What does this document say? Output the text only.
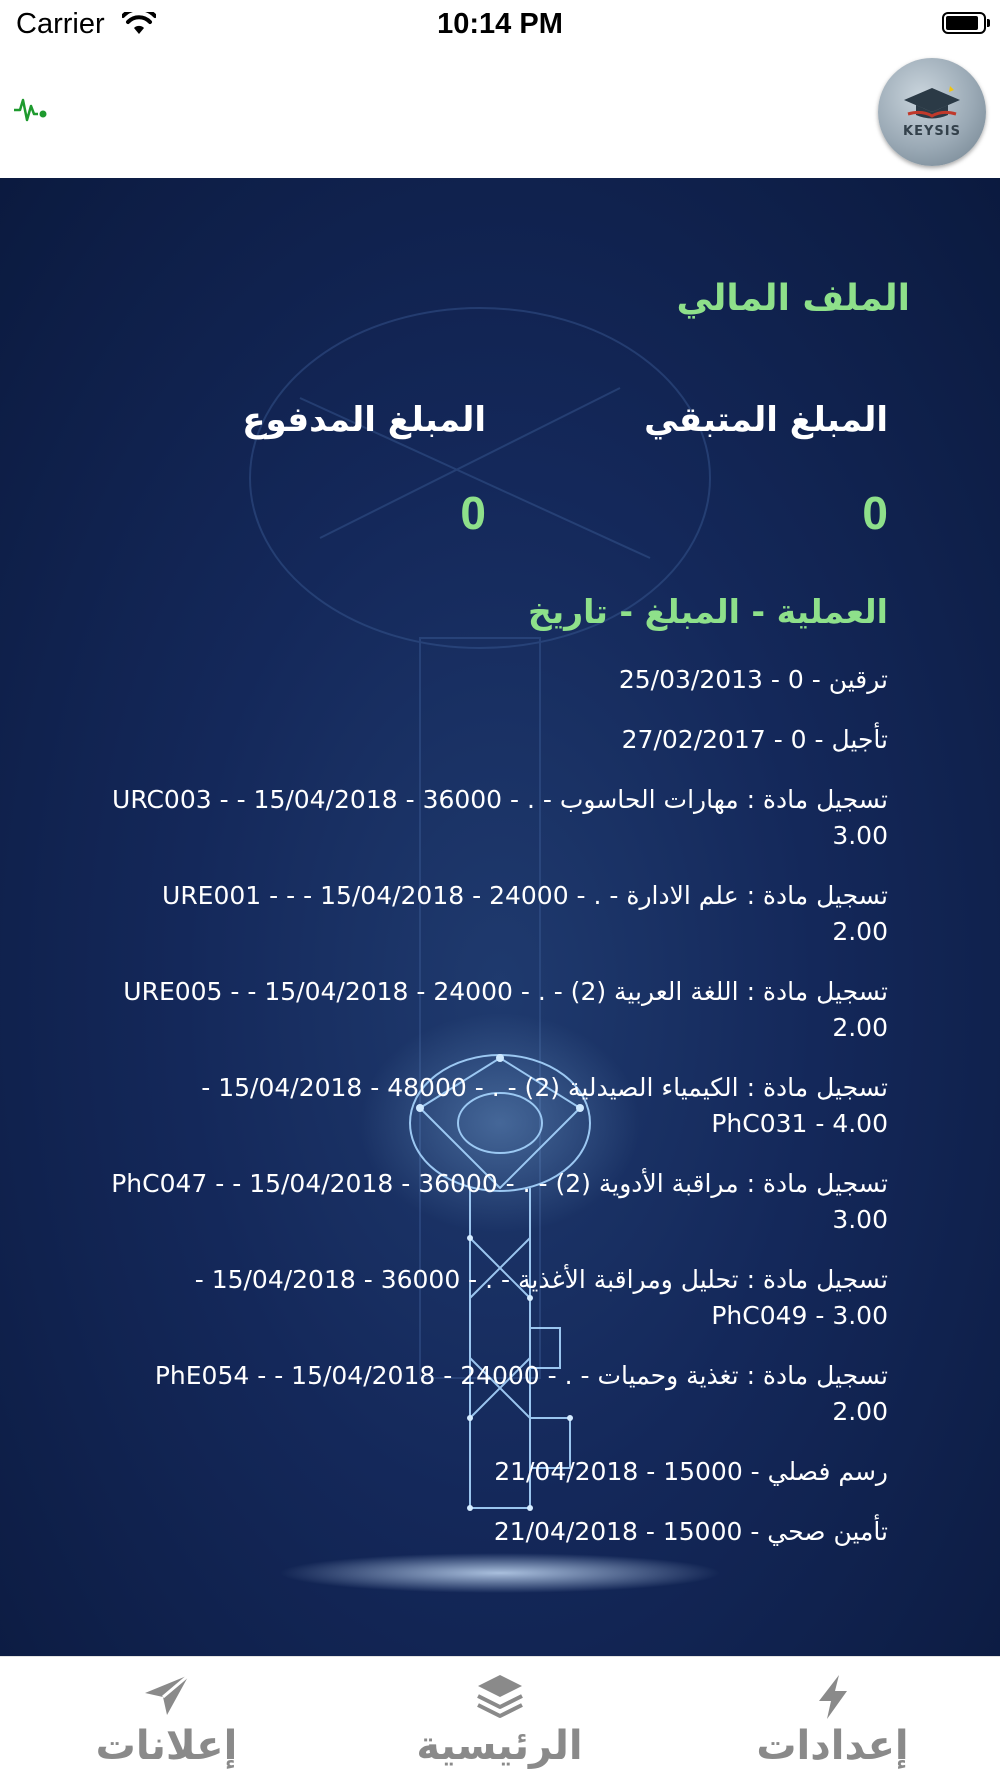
Carrier	10:14 PM
KEYSIS
الملف المالي
المبلغ المتبقي
0
المبلغ المدفوع
0
العملية - المبلغ - تاريخ
ترقين - 0 - 25/03/2013
تأجيل - 0 - 27/02/2017
تسجيل مادة : مهارات الحاسوب - . - 36000 - 15/04/2018 - URC003 - 3.00
تسجيل مادة : علم الادارة - . - 24000 - 15/04/2018 - - URE001 - 2.00
تسجيل مادة : اللغة العربية (2) - . - 24000 - 15/04/2018 - URE005 - 2.00
تسجيل مادة : الكيمياء الصيدلية (2) - . - 48000 - 15/04/2018 - PhC031 - 4.00
تسجيل مادة : مراقبة الأدوية (2) - . - 36000 - 15/04/2018 - PhC047 - 3.00
تسجيل مادة : تحليل ومراقبة الأغذية - . - 36000 - 15/04/2018 - PhC049 - 3.00
تسجيل مادة : تغذية وحميات - . - 24000 - 15/04/2018 - PhE054 - 2.00
رسم فصلي - 15000 - 21/04/2018
تأمين صحي - 15000 - 21/04/2018
إعلانات	الرئيسية	إعدادات
